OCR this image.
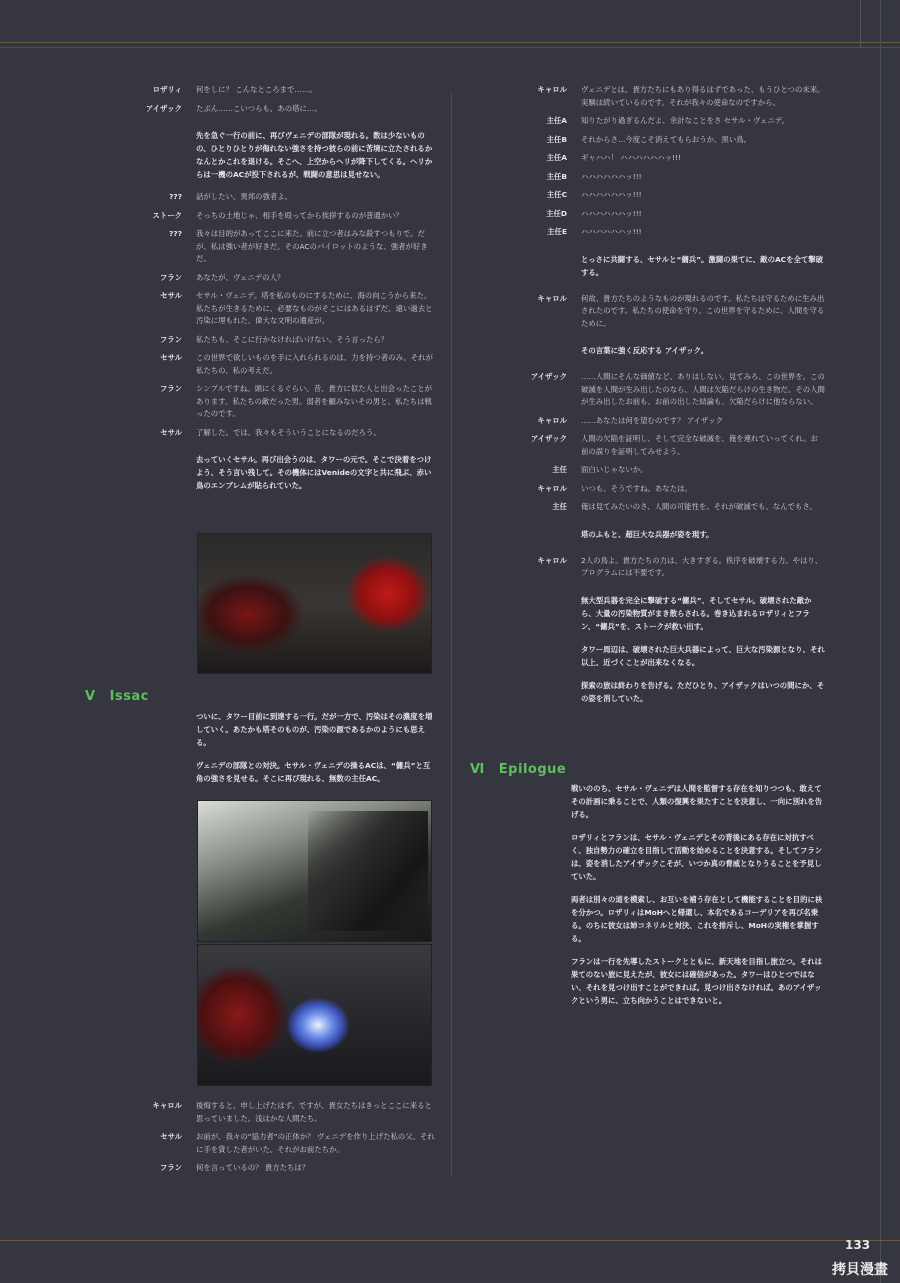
ロザリィ	何をしに？ こんなところまで……。
アイザック	たぶん……こいつらも、あの塔に…。
先を急ぐ一行の前に、再びヴェニデの部隊が現れる。数は少ないものの、ひとりひとりが侮れない強さを持つ彼らの前に苦境に立たされるかなんとかこれを退ける。そこへ、上空からヘリが降下してくる。ヘリからは一機のACが投下されるが、戦闘の意思は見せない。
???	話がしたい、異邦の強者よ。
ストーク	そっちの土地じゃ、相手を殴ってから挨拶するのが普通かい？
???	我々は目的があってここに来た。前に立つ者はみな殺すつもりで。だが、私は強い者が好きだ。そのACのパイロットのような、強者が好きだ。
フラン	あなたが、ヴェニデの人？
セサル	セサル・ヴェニデ。塔を私のものにするために、海の向こうから来た。私たちが生きるために、必要なものがそこにはあるはずだ。遠い過去と汚染に埋もれた、偉大な文明の遺産が。
フラン	私たちも、そこに行かなければいけない。そう言ったら？
セサル	この世界で欲しいものを手に入れられるのは、力を持つ者のみ。それが私たちの、私の考えだ。
フラン	シンプルですね。頭にくるぐらい。昔、貴方に似た人と出会ったことがあります。私たちの敵だった男。弱者を顧みないその男と、私たちは戦ったのです。
セサル	了解した。では、我々もそういうことになるのだろう。
去っていくセサル。再び出会うのは、タワーの元で。そこで決着をつけよう、そう言い残して。その機体にはVenideの文字と共に飛ぶ、赤い鳥のエンブレムが貼られていた。
Ⅴ Issac
ついに、タワー目前に到達する一行。だが一方で、汚染はその濃度を増していく。あたかも塔そのものが、汚染の源であるかのようにも思える。
ヴェニデの部隊との対決。セサル・ヴェニデの操るACは、“傭兵”と互角の強さを見せる。そこに再び現れる、無数の主任AC。
キャロル	後悔すると、申し上げたはず。ですが、貴女たちはきっとここに来ると思っていました。浅はかな人間たち。
セサル	お前が、我々の“協力者”の正体か？ ヴェニデを作り上げた私の父、それに手を貸した者がいた。それがお前たちか。
フラン	何を言っているの？ 貴方たちは？
キャロル	ヴェニデとは、貴方たちにもあり得るはずであった、もうひとつの未来。実験は続いているのです。それが我々の使命なのですから。
主任A	知りたがり過ぎるんだよ、余計なことをさ セサル・ヴェニデ。
主任B	それからさ…今度こそ消えてもらおうか、黒い鳥。
主任A	ギャハハ！ ハハハハハハッ!!!
主任B	ハハハハハハッ!!!
主任C	ハハハハハハッ!!!
主任D	ハハハハハハッ!!!
主任E	ハハハハハハッ!!!
とっさに共闘する、セサルと“傭兵”。激闘の果てに、敵のACを全て撃破する。
キャロル	何故、貴方たちのようなものが現れるのです。私たちは守るために生み出されたのです。私たちの使命を守り、この世界を守るために、人間を守るために。
その言葉に強く反応する アイザック。
アイザック	……人間にそんな価値など、ありはしない。見てみろ、この世界を。この破滅を人間が生み出したのなら、人間は欠陥だらけの生き物だ。その人間が生み出したお前も、お前の出した結論も、欠陥だらけに他ならない。
キャロル	……あなたは何を望むのです？ アイザック
アイザック	人間の欠陥を証明し、そして完全な破滅を、俺を連れていってくれ。お前の誤りを証明してみせよう。
主任	面白いじゃないか。
キャロル	いつも、そうですね。あなたは。
主任	俺は見てみたいのさ、人間の可能性を。それが破滅でも、なんでもさ。
塔のふもと、超巨大な兵器が姿を現す。
キャロル	2人の鳥よ。貴方たちの力は、大きすぎる。秩序を破壊する力。やはり、プログラムには不要です。
無大型兵器を完全に撃破する“傭兵”、そしてセサル。破壊された敵から、大量の汚染物質がまき散らされる。巻き込まれるロザリィとフラン、“傭兵”を、ストークが救い出す。
タワー周辺は、破壊された巨大兵器によって、巨大な汚染源となり、それ以上、近づくことが出来なくなる。
探索の旅は終わりを告げる。ただひとり、アイザックはいつの間にか、その姿を消していた。
Ⅵ Epilogue
戦いののち、セサル・ヴェニデは人間を監督する存在を知りつつも、敢えてその計画に乗ることで、人類の復興を果たすことを決意し、一向に別れを告げる。
ロザリィとフランは、セサル・ヴェニデとその背後にある存在に対抗すべく、独自勢力の確立を目指して活動を始めることを決意する。そしてフランは、姿を消したアイザックこそが、いつか真の脅威となりうることを予見していた。
両者は別々の道を模索し、お互いを補う存在として機能することを目的に袂を分かつ。ロザリィはMoHへと帰還し、本名であるコーデリアを再び名乗る。のちに彼女は姉コネリルと対決、これを排斥し、MoHの実権を掌握する。
フランは一行を先導したストークとともに、新天地を目指し旅立つ。それは果てのない旅に見えたが、彼女には確信があった。タワーはひとつではない、それを見つけ出すことができれば。見つけ出さなければ。あのアイザックという男に、立ち向かうことはできないと。
133
拷貝漫畫
